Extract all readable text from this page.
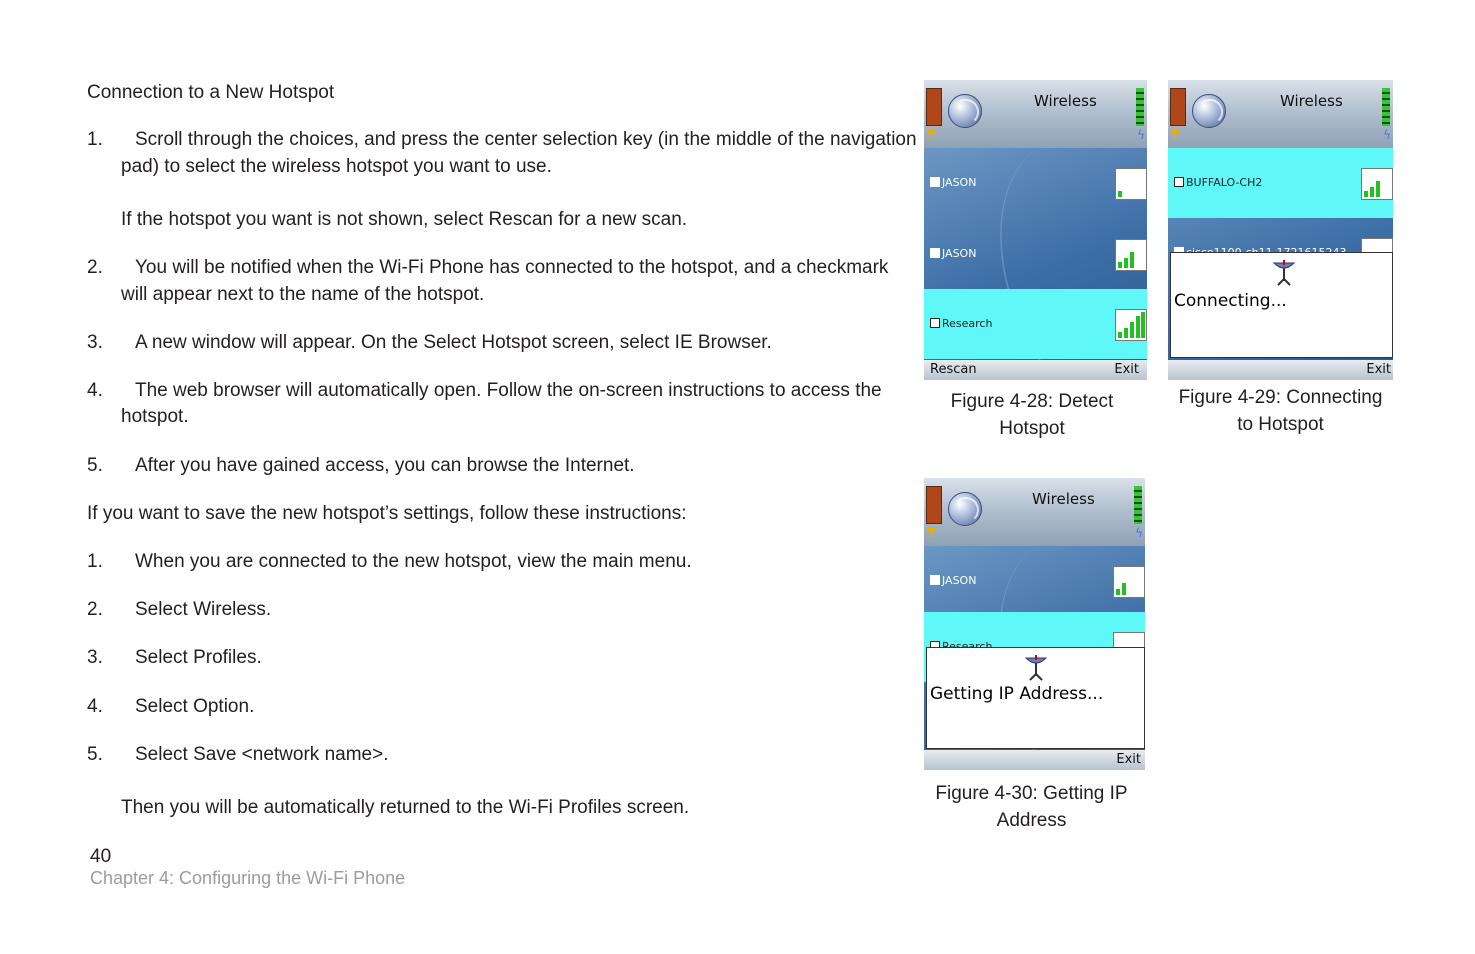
Connection to a New Hotspot
1. Scroll through the choices, and press the center selection key (in the middle of the navigation
pad) to select the wireless hotspot you want to use.
If the hotspot you want is not shown, select Rescan for a new scan.
2. You will be notified when the Wi-Fi Phone has connected to the hotspot, and a checkmark
will appear next to the name of the hotspot.
3. A new window will appear. On the Select Hotspot screen, select IE Browser.
4. The web browser will automatically open. Follow the on-screen instructions to access the
hotspot.
5. After you have gained access, you can browse the Internet.
If you want to save the new hotspot’s settings, follow these instructions:
1. When you are connected to the new hotspot, view the main menu.
2. Select Wireless.
3. Select Profiles.
4. Select Option.
5. Select Save <network name>.
Then you will be automatically returned to the Wi-Fi Profiles screen.
40
Chapter 4: Configuring the Wi-Fi Phone
╤
Wireless
ϟ
JASON
JASON
Research
Rescan	Exit
Figure 4-28: Detect
Hotspot
╤
Wireless
ϟ
BUFFALO-CH2
Connecting...
Exit
Figure 4-29: Connecting
to Hotspot
╤
Wireless
ϟ
JASON
Getting IP Address...
Exit
Figure 4-30: Getting IP
Address
